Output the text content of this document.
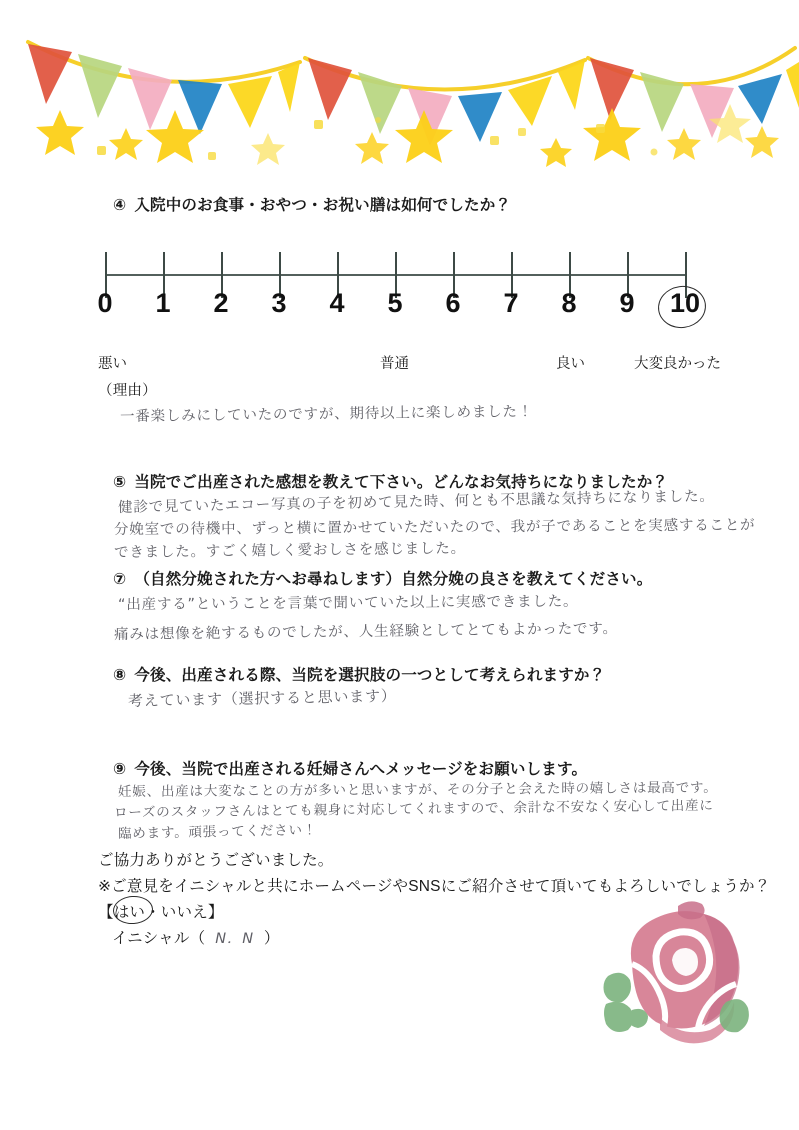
④ 入院中のお食事・おやつ・お祝い膳は如何でしたか？
0 1 2 3 4 5 6 7 8 9 10
悪い	普通	良い	大変良かった
（理由）
一番楽しみにしていたのですが、期待以上に楽しめました！
⑤ 当院でご出産された感想を教えて下さい。どんなお気持ちになりましたか？
健診で見ていたエコー写真の子を初めて見た時、何とも不思議な気持ちになりました。
分娩室での待機中、ずっと横に置かせていただいたので、我が子であることを実感することが
できました。すごく嬉しく愛おしさを感じました。
⑦ （自然分娩された方へお尋ねします）自然分娩の良さを教えてください。
“出産する”ということを言葉で聞いていた以上に実感できました。
痛みは想像を絶するものでしたが、人生経験としてとてもよかったです。
⑧ 今後、出産される際、当院を選択肢の一つとして考えられますか？
考えています（選択すると思います）
⑨ 今後、当院で出産される妊婦さんへメッセージをお願いします。
妊娠、出産は大変なことの方が多いと思いますが、その分子と会えた時の嬉しさは最高です。
ローズのスタッフさんはとても親身に対応してくれますので、余計な不安なく安心して出産に
臨めます。頑張ってください！
ご協力ありがとうございました。
※ご意見をイニシャルと共にホームページやSNSにご紹介させて頂いてもよろしいでしょうか？
【はい・いいえ】
イニシャル（ N．N ）
